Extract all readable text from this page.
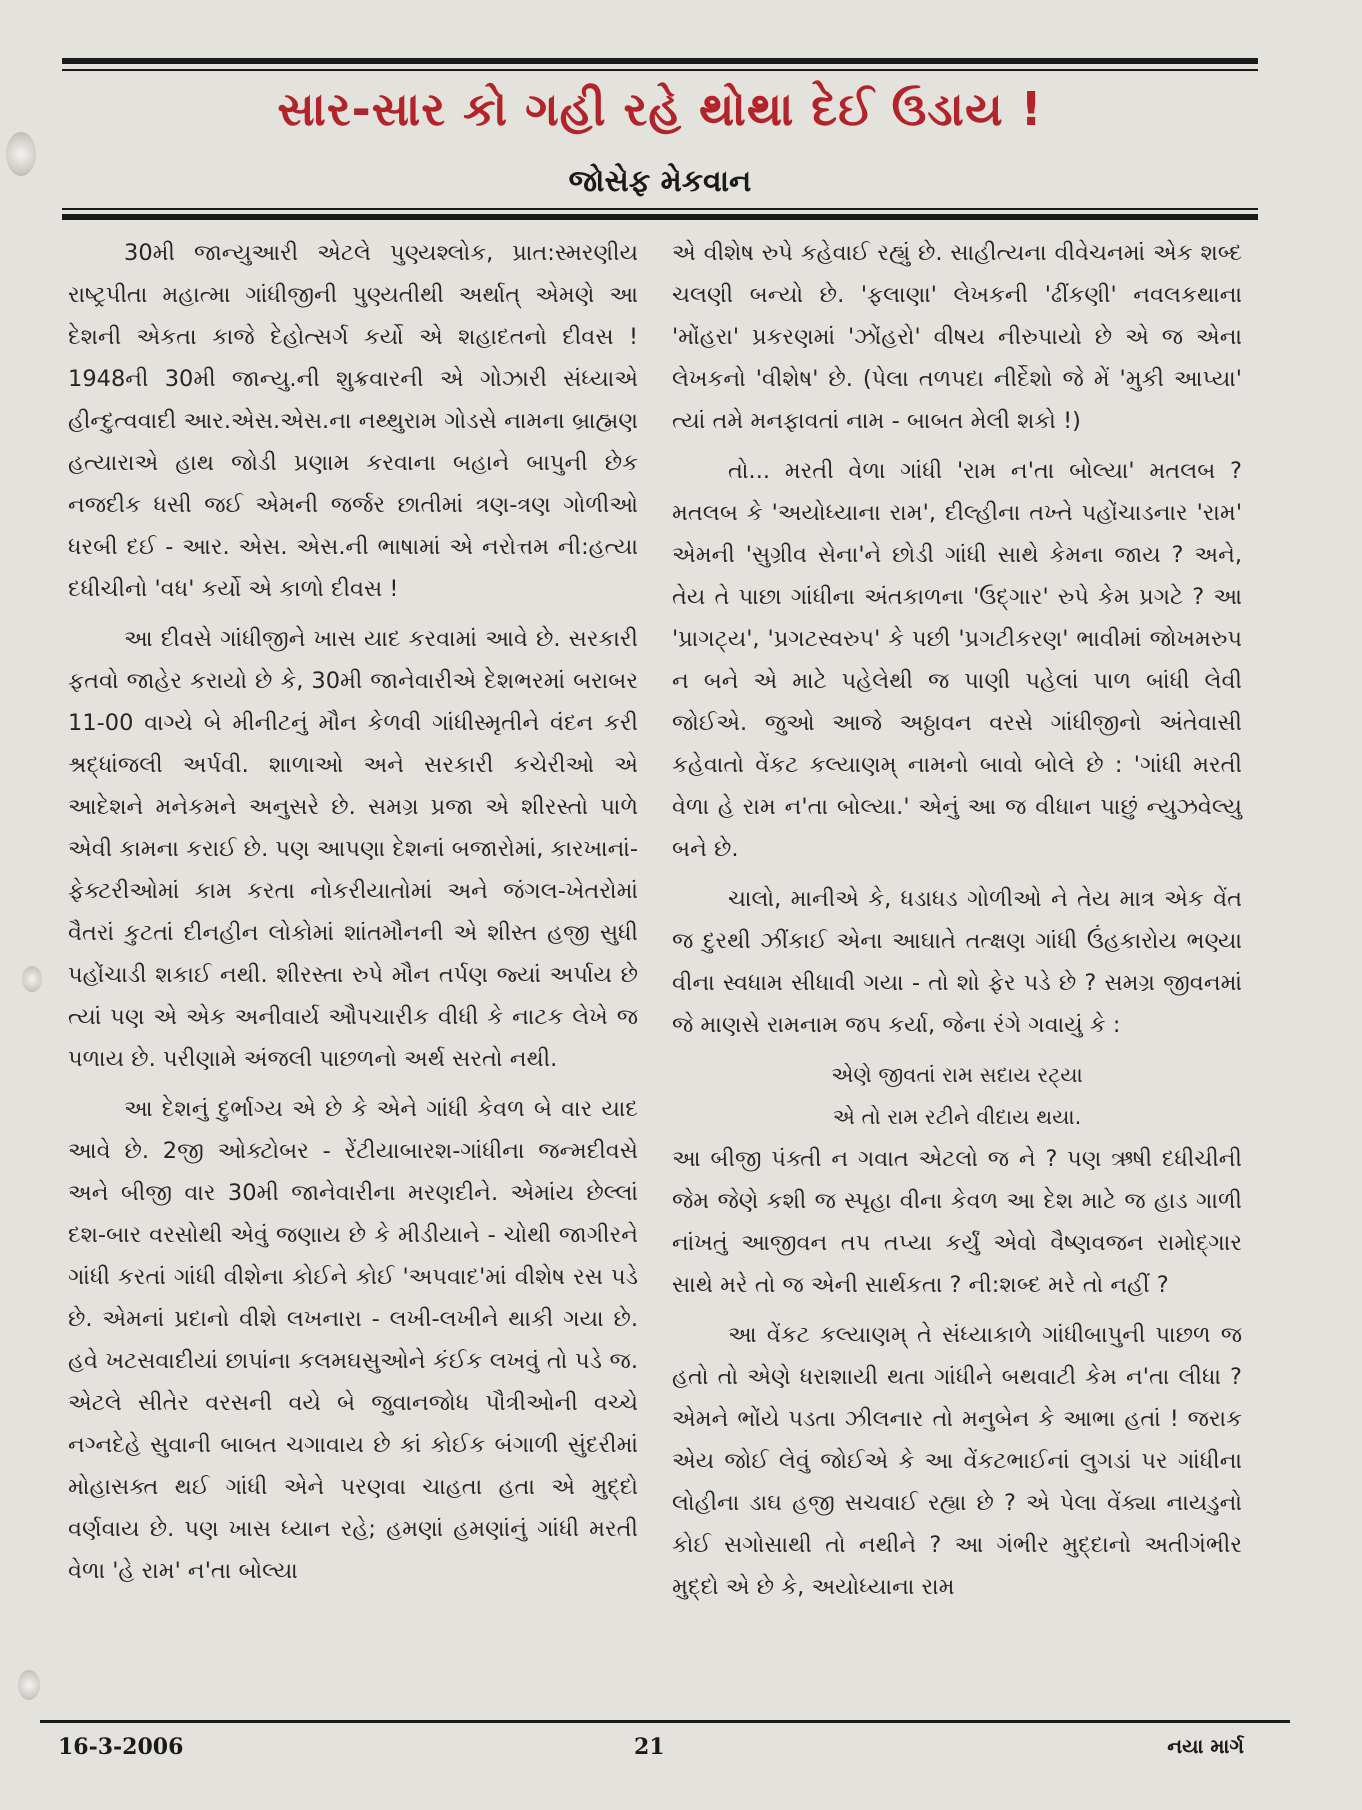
સાર-સાર કો ગહી રહે થોથા દેઈ ઉડાય !
જોસેફ મેકવાન

30મી જાન્યુઆરી એટલે પુણ્યશ્લોક, પ્રાત:સ્મરણીય રાષ્ટ્રપીતા મહાત્મા ગાંધીજીની પુણ્યતીથી અર્થાત્ એમણે આ દેશની એકતા કાજે દેહોત્સર્ગ કર્યો એ શહાદતનો દીવસ ! 1948ની 30મી જાન્યુ.ની શુક્રવારની એ ગોઝારી સંધ્યાએ હીન્દુત્વવાદી આર.એસ.એસ.ના નથ્થુરામ ગોડસે નામના બ્રાહ્મણ હત્યારાએ હાથ જોડી પ્રણામ કરવાના બહાને બાપુની છેક નજદીક ધસી જઈ એમની જર્જર છાતીમાં ત્રણ-ત્રણ ગોળીઓ ધરબી દઈ - આર. એસ. એસ.ની ભાષામાં એ નરોત્તમ ની:હત્યા દધીચીનો 'વધ' કર્યો એ કાળો દીવસ !

આ દીવસે ગાંધીજીને ખાસ યાદ કરવામાં આવે છે. સરકારી ફતવો જાહેર કરાયો છે કે, 30મી જાનેવારીએ દેશભરમાં બરાબર 11-00 વાગ્યે બે મીનીટનું મૌન કેળવી ગાંધીસ્મૃતીને વંદન કરી શ્રદ્ધાંજલી અર્પવી. શાળાઓ અને સરકારી કચેરીઓ એ આદેશને મનેકમને અનુસરે છે. સમગ્ર પ્રજા એ શીરસ્તો પાળે એવી કામના કરાઈ છે. પણ આપણા દેશનાં બજારોમાં, કારખાનાં-ફેક્ટરીઓમાં કામ કરતા નોકરીયાતોમાં અને જંગલ-ખેતરોમાં વૈતરાં કુટતાં દીનહીન લોકોમાં શાંતમૌનની એ શીસ્ત હજી સુધી પહોંચાડી શકાઈ નથી. શીરસ્તા રુપે મૌન તર્પણ જ્યાં અર્પાય છે ત્યાં પણ એ એક અનીવાર્ય ઔપચારીક વીધી કે નાટક લેખે જ પળાય છે. પરીણામે અંજલી પાછળનો અર્થ સરતો નથી.

આ દેશનું દુર્ભાગ્ય એ છે કે એને ગાંધી કેવળ બે વાર યાદ આવે છે. 2જી ઓક્ટોબર - રેંટીયાબારશ-ગાંધીના જન્મદીવસે અને બીજી વાર 30મી જાનેવારીના મરણદીને. એમાંય છેલ્લાં દશ-બાર વરસોથી એવું જણાય છે કે મીડીયાને - ચોથી જાગીરને ગાંધી કરતાં ગાંધી વીશેના કોઈને કોઈ 'અપવાદ'માં વીશેષ રસ પડે છે. એમનાં પ્રદાનો વીશે લખનારા - લખી-લખીને થાકી ગયા છે. હવે ખટસવાદીયાં છાપાંના કલમઘસુઓને કંઈક લખવું તો પડે જ. એટલે સીતેર વરસની વયે બે જુવાનજોધ પૌત્રીઓની વચ્ચે નગ્નદેહે સુવાની બાબત ચગાવાય છે કાં કોઈક બંગાળી સુંદરીમાં મોહાસક્ત થઈ ગાંધી એને પરણવા ચાહતા હતા એ મુદ્દો વર્ણવાય છે. પણ ખાસ ધ્યાન રહે; હમણાં હમણાંનું ગાંધી મરતી વેળા 'હે રામ' ન'તા બોલ્યા

એ વીશેષ રુપે કહેવાઈ રહ્યું છે. સાહીત્યના વીવેચનમાં એક શબ્દ ચલણી બન્યો છે. 'ફલાણા' લેખકની 'ઢીંકણી' નવલકથાના 'મોંહરા' પ્રકરણમાં 'ઝોંહરો' વીષય નીરુપાયો છે એ જ એના લેખકનો 'વીશેષ' છે. (પેલા તળપદા નીર્દેશો જે મેં 'મુકી આપ્યા' ત્યાં તમે મનફાવતાં નામ - બાબત મેલી શકો !)

તો... મરતી વેળા ગાંધી 'રામ ન'તા બોલ્યા' મતલબ ? મતલબ કે 'અયોધ્યાના રામ', દીલ્હીના તખ્તે પહોંચાડનાર 'રામ' એમની 'સુગ્રીવ સેના'ને છોડી ગાંધી સાથે કેમના જાય ? અને, તેય તે પાછા ગાંધીના અંતકાળના 'ઉદ્ગાર' રુપે કેમ પ્રગટે ? આ 'પ્રાગટ્ય', 'પ્રગટસ્વરુપ' કે પછી 'પ્રગટીકરણ' ભાવીમાં જોખમરુપ ન બને એ માટે પહેલેથી જ પાણી પહેલાં પાળ બાંધી લેવી જોઈએ. જુઓ આજે અઠ્ઠાવન વરસે ગાંધીજીનો અંતેવાસી કહેવાતો વેંકટ કલ્યાણમ્ નામનો બાવો બોલે છે : 'ગાંધી મરતી વેળા હે રામ ન'તા બોલ્યા.' એનું આ જ વીધાન પાછું ન્યુઝવેલ્યુ બને છે.

ચાલો, માનીએ કે, ધડાધડ ગોળીઓ ને તેય માત્ર એક વેંત જ દુરથી ઝીંકાઈ એના આઘાતે તત્ક્ષણ ગાંધી ઉંહકારોય ભણ્યા વીના સ્વધામ સીધાવી ગયા - તો શો ફેર પડે છે ? સમગ્ર જીવનમાં જે માણસે રામનામ જપ કર્યા, જેના રંગે ગવાયું કે :

એણે જીવતાં રામ સદાય રટ્યા
એ તો રામ રટીને વીદાય થયા.

આ બીજી પંક્તી ન ગવાત એટલો જ ને ? પણ ઋષી દધીચીની જેમ જેણે કશી જ સ્પૃહા વીના કેવળ આ દેશ માટે જ હાડ ગાળી નાંખતું આજીવન તપ તપ્યા કર્યું એવો વૈષ્ણવજન રામોદ્ગાર સાથે મરે તો જ એની સાર્થકતા ? ની:શબ્દ મરે તો નહીં ?

આ વેંકટ કલ્યાણમ્ તે સંધ્યાકાળે ગાંધીબાપુની પાછળ જ હતો તો એણે ધરાશાયી થતા ગાંધીને બથવાટી કેમ ન'તા લીધા ? એમને ભોંયે પડતા ઝીલનાર તો મનુબેન કે આભા હતાં ! જરાક એય જોઈ લેવું જોઈએ કે આ વેંકટભાઈનાં લુગડાં પર ગાંધીના લોહીના ડાઘ હજી સચવાઈ રહ્યા છે ? એ પેલા વેંક્યા નાયડુનો કોઈ સગોસાથી તો નથીને ? આ ગંભીર મુદ્દાનો અતીગંભીર મુદ્દો એ છે કે, અયોધ્યાના રામ

16-3-2006	21	નયા માર્ગ
